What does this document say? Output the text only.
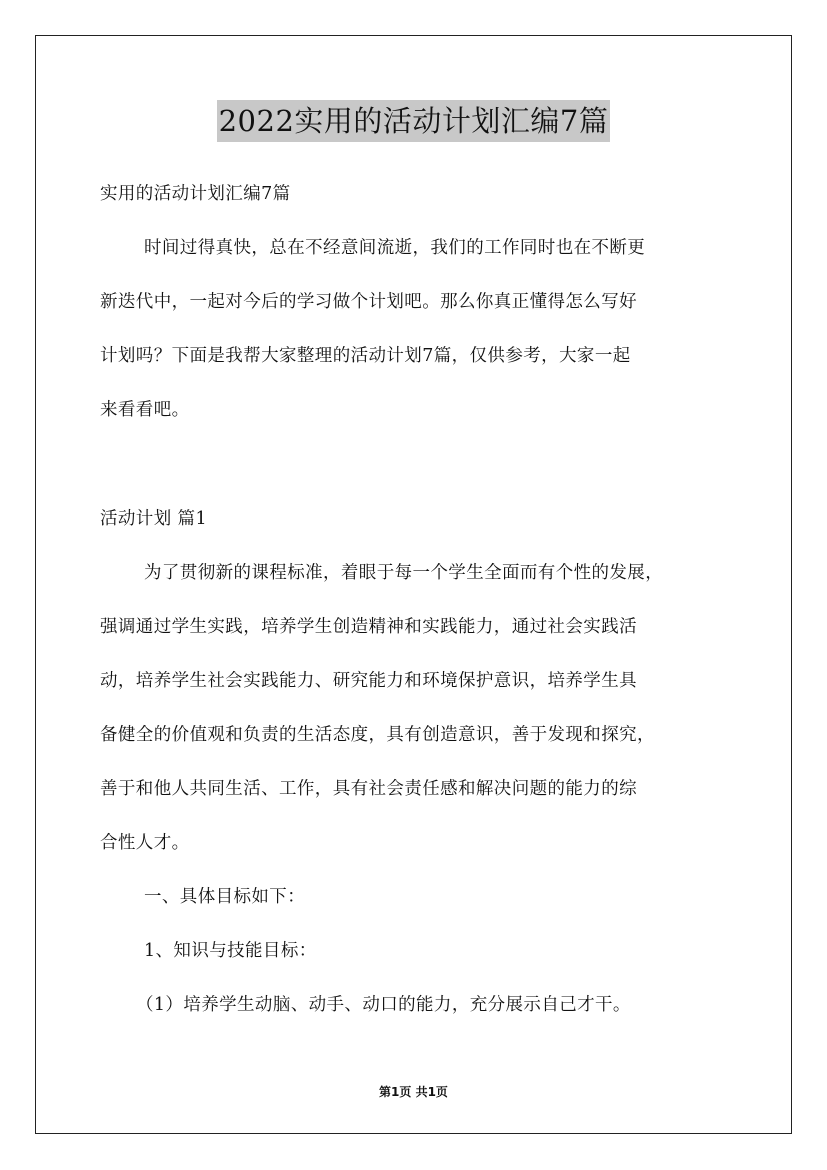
2022实用的活动计划汇编7篇
实用的活动计划汇编7篇
时间过得真快，总在不经意间流逝，我们的工作同时也在不断更
新迭代中，一起对今后的学习做个计划吧。那么你真正懂得怎么写好
计划吗？下面是我帮大家整理的活动计划7篇，仅供参考，大家一起
来看看吧。
活动计划 篇1
为了贯彻新的课程标准，着眼于每一个学生全面而有个性的发展，
强调通过学生实践，培养学生创造精神和实践能力，通过社会实践活
动，培养学生社会实践能力、研究能力和环境保护意识，培养学生具
备健全的价值观和负责的生活态度，具有创造意识，善于发现和探究，
善于和他人共同生活、工作，具有社会责任感和解决问题的能力的综
合性人才。
一、具体目标如下：
1、知识与技能目标：
（1）培养学生动脑、动手、动口的能力，充分展示自己才干。
第1页 共1页
